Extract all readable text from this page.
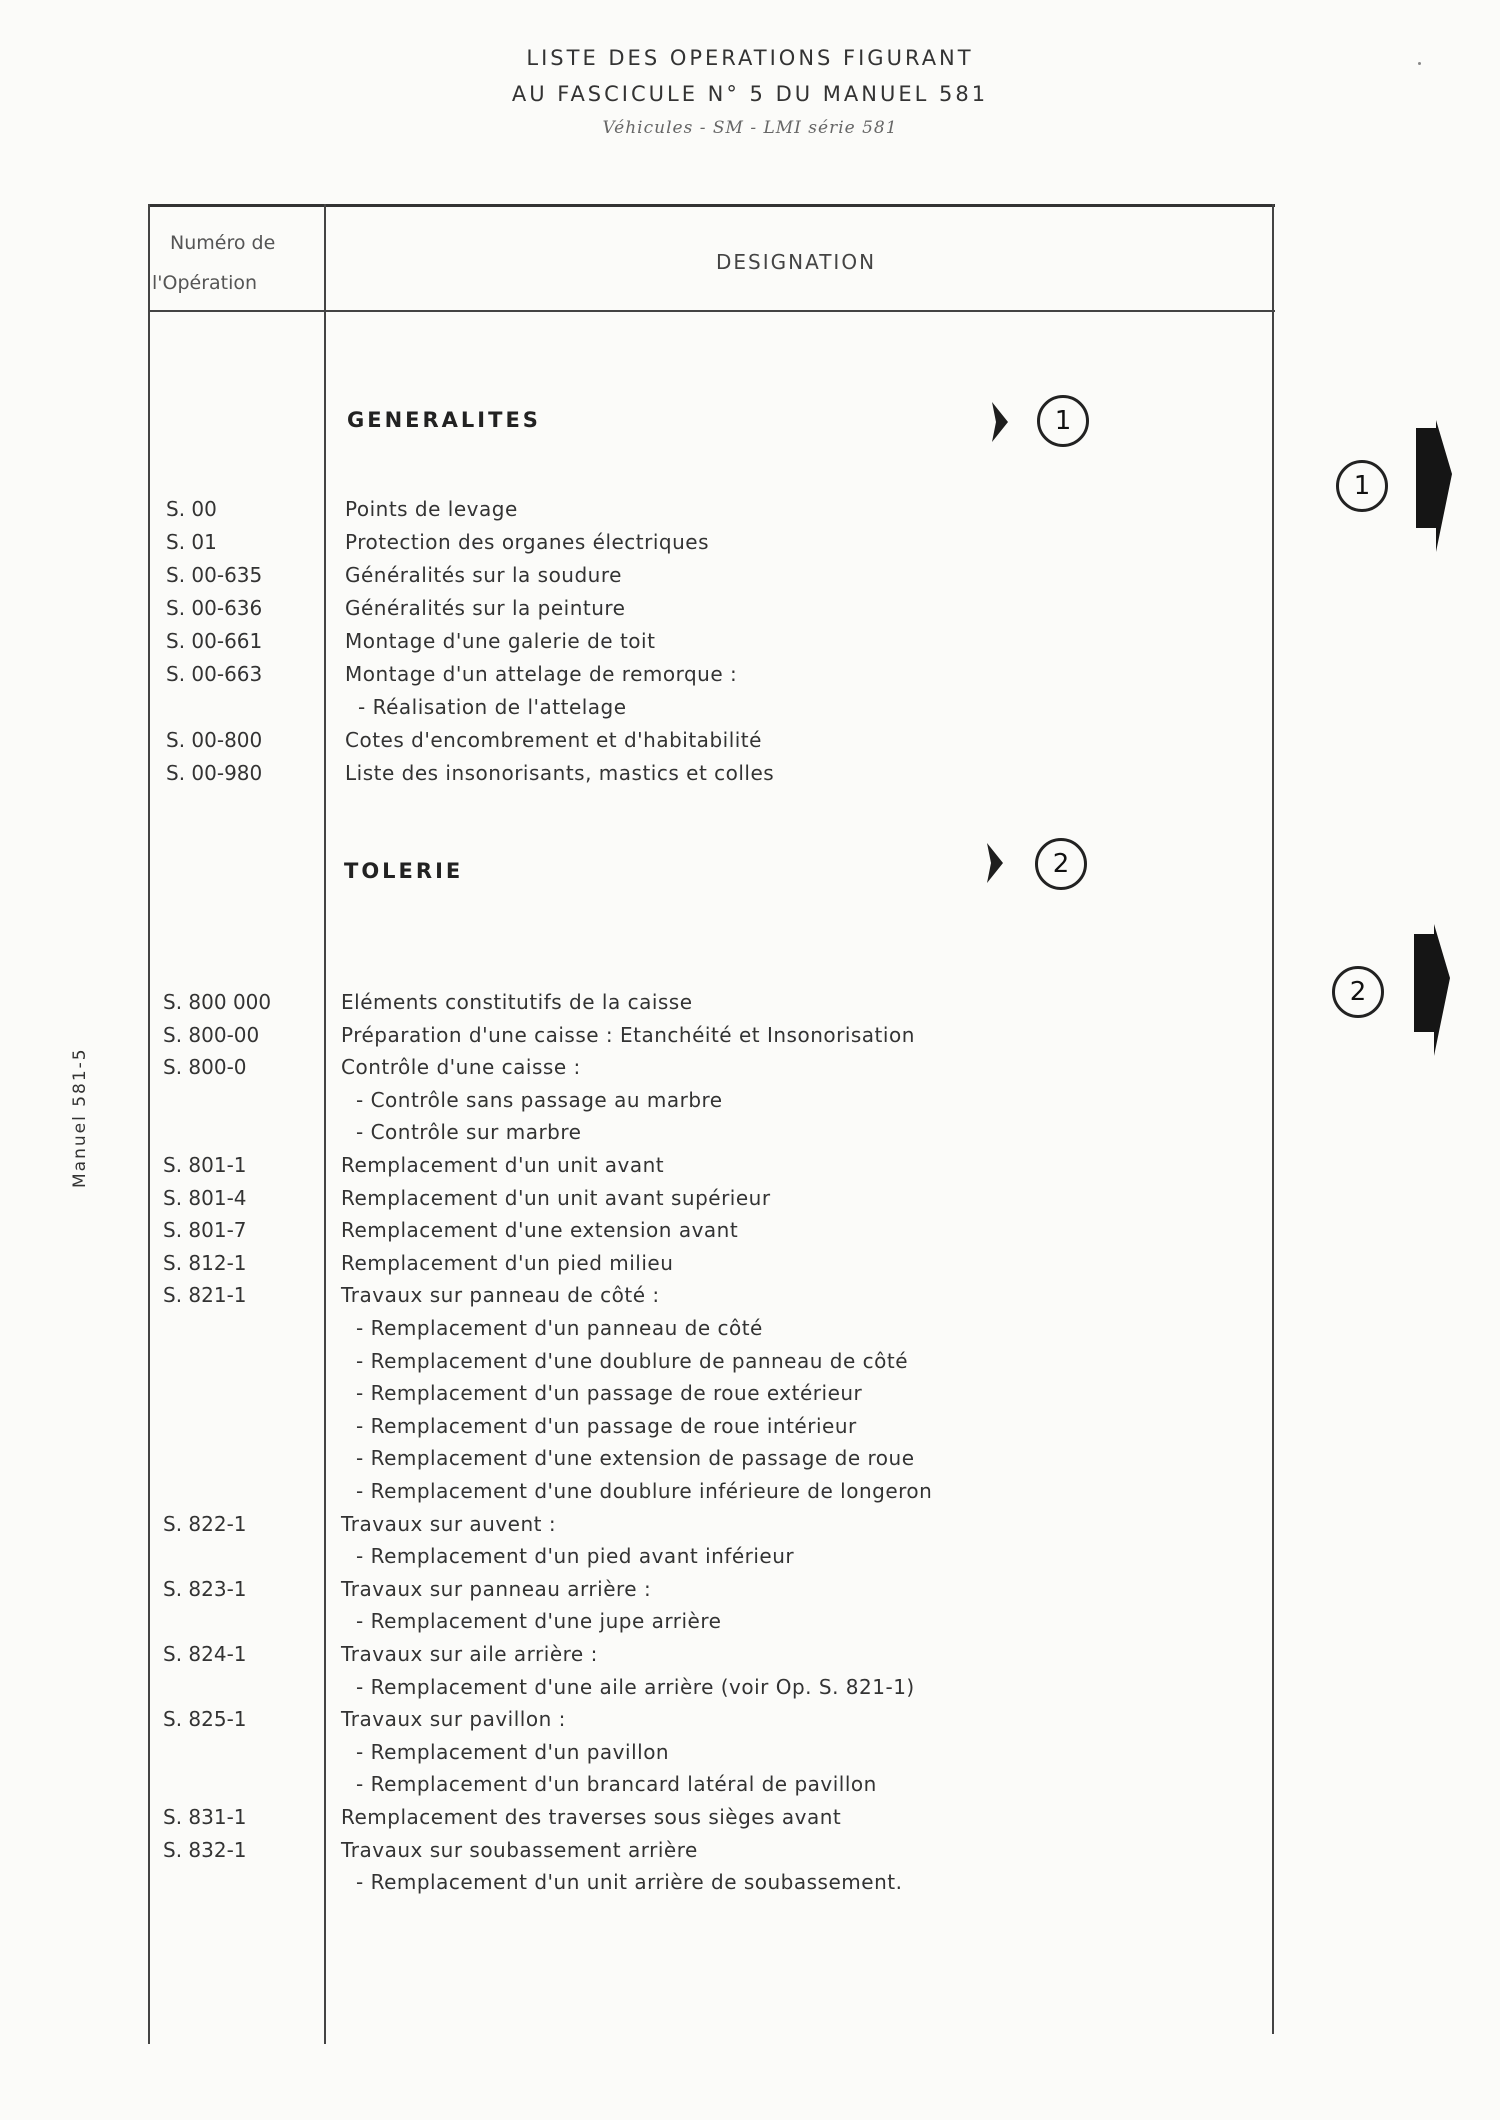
LISTE DES OPERATIONS FIGURANT
AU FASCICULE N° 5 DU MANUEL 581
Véhicules - SM - LMI série 581
Numéro de
l'Opération
DESIGNATION
GENERALITES	1
S. 00	Points de levage
S. 01	Protection des organes électriques
S. 00-635	Généralités sur la soudure
S. 00-636	Généralités sur la peinture
S. 00-661	Montage d'une galerie de toit
S. 00-663	Montage d'un attelage de remorque :
- Réalisation de l'attelage
S. 00-800	Cotes d'encombrement et d'habitabilité
S. 00-980	Liste des insonorisants, mastics et colles
TOLERIE	2
S. 800 000	Eléments constitutifs de la caisse
S. 800-00	Préparation d'une caisse : Etanchéité et Insonorisation
S. 800-0	Contrôle d'une caisse :
- Contrôle sans passage au marbre
- Contrôle sur marbre
S. 801-1	Remplacement d'un unit avant
S. 801-4	Remplacement d'un unit avant supérieur
S. 801-7	Remplacement d'une extension avant
S. 812-1	Remplacement d'un pied milieu
S. 821-1	Travaux sur panneau de côté :
- Remplacement d'un panneau de côté
- Remplacement d'une doublure de panneau de côté
- Remplacement d'un passage de roue extérieur
- Remplacement d'un passage de roue intérieur
- Remplacement d'une extension de passage de roue
- Remplacement d'une doublure inférieure de longeron
S. 822-1	Travaux sur auvent :
- Remplacement d'un pied avant inférieur
S. 823-1	Travaux sur panneau arrière :
- Remplacement d'une jupe arrière
S. 824-1	Travaux sur aile arrière :
- Remplacement d'une aile arrière (voir Op. S. 821-1)
S. 825-1	Travaux sur pavillon :
- Remplacement d'un pavillon
- Remplacement d'un brancard latéral de pavillon
S. 831-1	Remplacement des traverses sous sièges avant
S. 832-1	Travaux sur soubassement arrière
- Remplacement d'un unit arrière de soubassement.
1
2
Manuel 581-5
